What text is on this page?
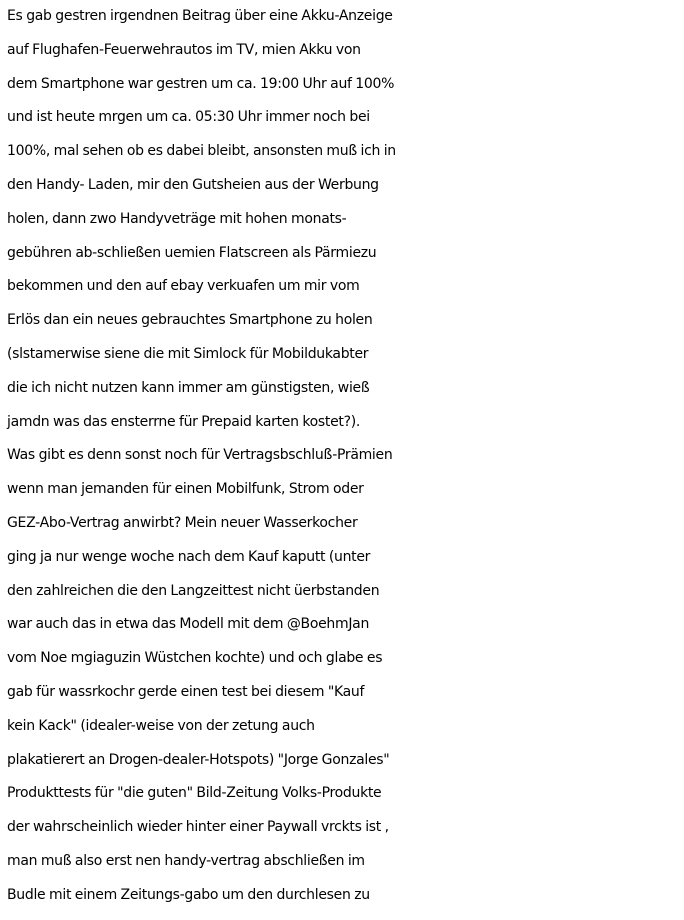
Es gab gestren irgendnen Beitrag über eine Akku-Anzeige
auf Flughafen-Feuerwehrautos im TV, mien Akku von
dem Smartphone war gestren um ca. 19:00 Uhr auf 100%
und ist heute mrgen um ca. 05:30 Uhr immer noch bei
100%, mal sehen ob es dabei bleibt, ansonsten muß ich in
den Handy- Laden, mir den Gutsheien aus der Werbung
holen, dann zwo Handyveträge mit hohen monats-
gebühren ab-schließen uemien Flatscreen als Pärmiezu
bekommen und den auf ebay verkuafen um mir vom
Erlös dan ein neues gebrauchtes Smartphone zu holen
(slstamerwise siene die mit Simlock für Mobildukabter
die ich nicht nutzen kann immer am günstigsten, wieß
jamdn was das ensterrne für Prepaid karten kostet?).
Was gibt es denn sonst noch für Vertragsbschluß-Prämien
wenn man jemanden für einen Mobilfunk, Strom oder
GEZ-Abo-Vertrag anwirbt? Mein neuer Wasserkocher
ging ja nur wenge woche nach dem Kauf kaputt (unter
den zahlreichen die den Langzeittest nicht üerbstanden
war auch das in etwa das Modell mit dem @BoehmJan
vom Noe mgiaguzin Wüstchen kochte) und och glabe es
gab für wassrkochr gerde einen test bei diesem "Kauf
kein Kack" (idealer-weise von der zetung auch
plakatierert an Drogen-dealer-Hotspots) "Jorge Gonzales"
Produkttests für "die guten" Bild-Zeitung Volks-Produkte
der wahrscheinlich wieder hinter einer Paywall vrckts ist ,
man muß also erst nen handy-vertrag abschließen im
Budle mit einem Zeitungs-gabo um den durchlesen zu
